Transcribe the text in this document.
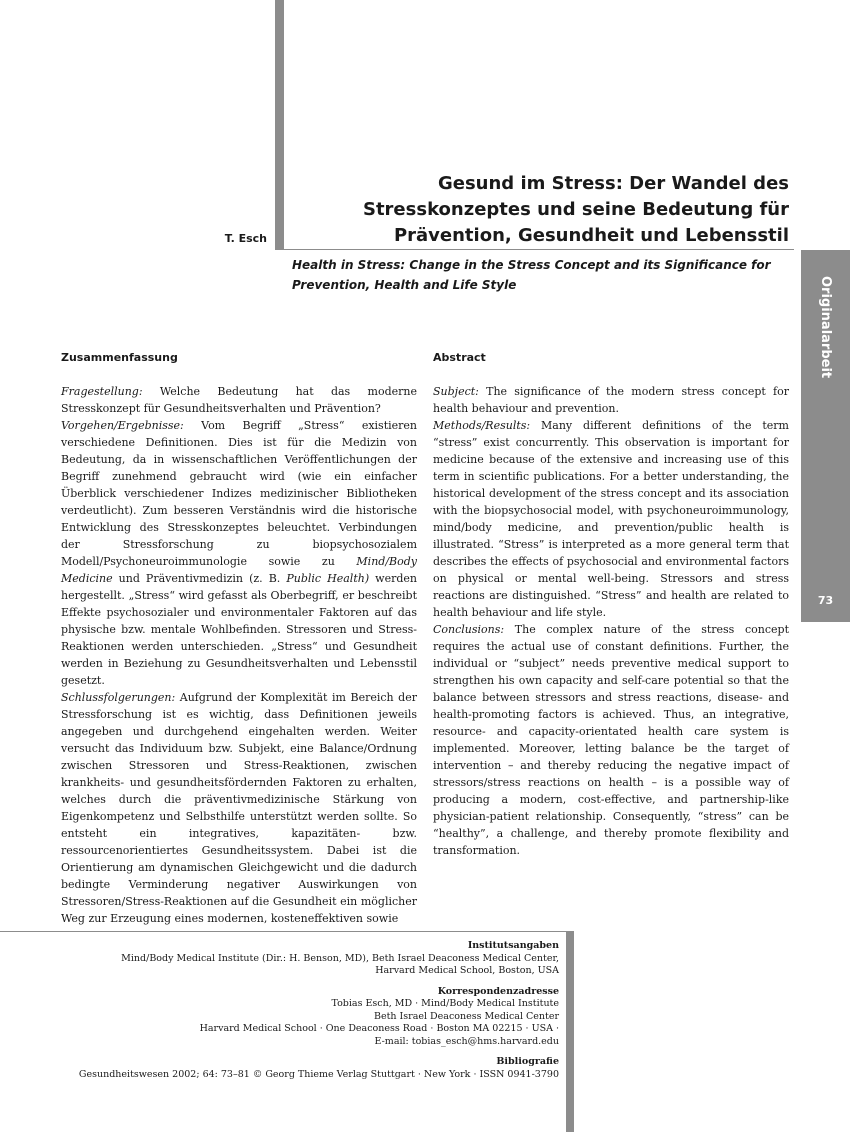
T. Esch
Gesund im Stress: Der Wandel des Stresskonzeptes und seine Bedeutung für Prävention, Gesundheit und Lebensstil
Health in Stress: Change in the Stress Concept and its Significance for Prevention, Health and Life Style	Originalarbeit
73
Zusammenfassung

Fragestellung: Welche Bedeutung hat das moderne Stresskonzept für Gesundheitsverhalten und Prävention?
Vorgehen/Ergebnisse: Vom Begriff „Stress“ existieren verschiedene Definitionen. Dies ist für die Medizin von Bedeutung, da in wissenschaftlichen Veröffentlichungen der Begriff zunehmend gebraucht wird (wie ein einfacher Überblick verschiedener Indizes medizinischer Bibliotheken verdeutlicht). Zum besseren Verständnis wird die historische Entwicklung des Stresskonzeptes beleuchtet. Verbindungen der Stressforschung zu biopsychosozialem Modell/Psychoneuroimmunologie sowie zu Mind/Body Medicine und Präventivmedizin (z. B. Public Health) werden hergestellt. „Stress“ wird gefasst als Oberbegriff, er beschreibt Effekte psychosozialer und environmentaler Faktoren auf das physische bzw. mentale Wohlbefinden. Stressoren und Stress-Reaktionen werden unterschieden. „Stress“ und Gesundheit werden in Beziehung zu Gesundheitsverhalten und Lebensstil gesetzt.
Schlussfolgerungen: Aufgrund der Komplexität im Bereich der Stressforschung ist es wichtig, dass Definitionen jeweils angegeben und durchgehend eingehalten werden. Weiter versucht das Individuum bzw. Subjekt, eine Balance/Ordnung zwischen Stressoren und Stress-Reaktionen, zwischen krankheits- und gesundheitsfördernden Faktoren zu erhalten, welches durch die präventivmedizinische Stärkung von Eigenkompetenz und Selbsthilfe unterstützt werden sollte. So entsteht ein integratives, kapazitäten- bzw. ressourcenorientiertes Gesundheitssystem. Dabei ist die Orientierung am dynamischen Gleichgewicht und die dadurch bedingte Verminderung negativer Auswirkungen von Stressoren/Stress-Reaktionen auf die Gesundheit ein möglicher Weg zur Erzeugung eines modernen, kosteneffektiven sowie

Abstract

Subject: The significance of the modern stress concept for health behaviour and prevention.
Methods/Results: Many different definitions of the term “stress” exist concurrently. This observation is important for medicine because of the extensive and increasing use of this term in scientific publications. For a better understanding, the historical development of the stress concept and its association with the biopsychosocial model, with psychoneuroimmunology, mind/body medicine, and prevention/public health is illustrated. “Stress” is interpreted as a more general term that describes the effects of psychosocial and environmental factors on physical or mental well-being. Stressors and stress reactions are distinguished. “Stress” and health are related to health behaviour and life style.
Conclusions: The complex nature of the stress concept requires the actual use of constant definitions. Further, the individual or “subject” needs preventive medical support to strengthen his own capacity and self-care potential so that the balance between stressors and stress reactions, disease- and health-promoting factors is achieved. Thus, an integrative, resource- and capacity-orientated health care system is implemented. Moreover, letting balance be the target of intervention – and thereby reducing the negative impact of stressors/stress reactions on health – is a possible way of producing a modern, cost-effective, and partnership-like physician-patient relationship. Consequently, “stress” can be “healthy”, a challenge, and thereby promote flexibility and transformation.

Institutsangaben
Mind/Body Medical Institute (Dir.: H. Benson, MD), Beth Israel Deaconess Medical Center,
Harvard Medical School, Boston, USA
Korrespondenzadresse
Tobias Esch, MD · Mind/Body Medical Institute
Beth Israel Deaconess Medical Center
Harvard Medical School · One Deaconess Road · Boston MA 02215 · USA ·
E-mail: tobias_esch@hms.harvard.edu
Bibliografie
Gesundheitswesen 2002; 64: 73–81 © Georg Thieme Verlag Stuttgart · New York · ISSN 0941-3790
